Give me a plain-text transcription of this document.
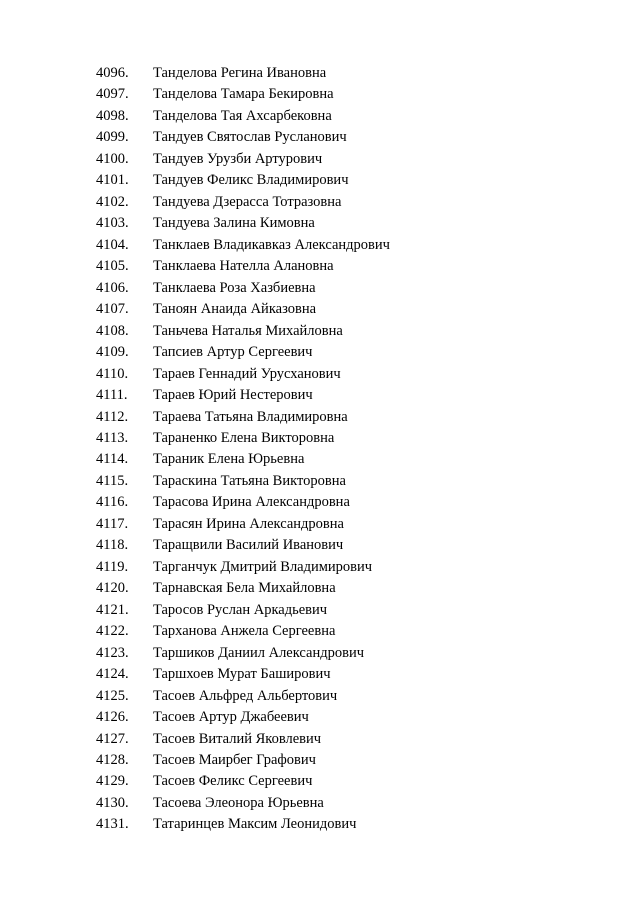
4096.	Танделова Регина Ивановна
4097.	Танделова Тамара Бекировна
4098.	Танделова Тая Ахсарбековна
4099.	Тандуев Святослав Русланович
4100.	Тандуев Урузби Артурович
4101.	Тандуев Феликс Владимирович
4102.	Тандуева Дзерасса Тотразовна
4103.	Тандуева Залина Кимовна
4104.	Танклаев Владикавказ Александрович
4105.	Танклаева Нателла Алановна
4106.	Танклаева Роза Хазбиевна
4107.	Таноян Анаида Айказовна
4108.	Таньчева Наталья Михайловна
4109.	Тапсиев Артур Сергеевич
4110.	Тараев Геннадий Урусханович
4111.	Тараев Юрий Нестерович
4112.	Тараева Татьяна Владимировна
4113.	Тараненко Елена Викторовна
4114.	Тараник Елена Юрьевна
4115.	Тараскина Татьяна Викторовна
4116.	Тарасова Ирина Александровна
4117.	Тарасян Ирина Александровна
4118.	Таращвили Василий Иванович
4119.	Тарганчук Дмитрий Владимирович
4120.	Тарнавская Бела Михайловна
4121.	Таросов Руслан Аркадьевич
4122.	Тарханова Анжела Сергеевна
4123.	Таршиков Даниил Александрович
4124.	Таршхоев Мурат Баширович
4125.	Тасоев Альфред Альбертович
4126.	Тасоев Артур Джабеевич
4127.	Тасоев Виталий Яковлевич
4128.	Тасоев Маирбег Графович
4129.	Тасоев Феликс Сергеевич
4130.	Тасоева Элеонора Юрьевна
4131.	Татаринцев Максим Леонидович
